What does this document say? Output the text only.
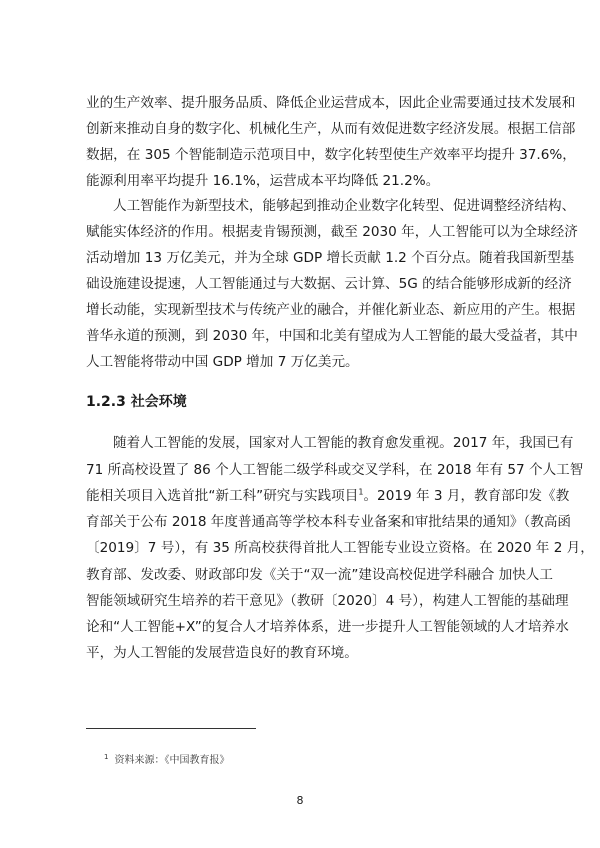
业的生产效率、提升服务品质、降低企业运营成本，因此企业需要通过技术发展和
创新来推动自身的数字化、机械化生产，从而有效促进数字经济发展。根据工信部
数据，在 305 个智能制造示范项目中，数字化转型使生产效率平均提升 37.6%，
能源利用率平均提升 16.1%，运营成本平均降低 21.2%。
人工智能作为新型技术，能够起到推动企业数字化转型、促进调整经济结构、
赋能实体经济的作用。根据麦肯锡预测，截至 2030 年，人工智能可以为全球经济
活动增加 13 万亿美元，并为全球 GDP 增长贡献 1.2 个百分点。随着我国新型基
础设施建设提速，人工智能通过与大数据、云计算、5G 的结合能够形成新的经济
增长动能，实现新型技术与传统产业的融合，并催化新业态、新应用的产生。根据
普华永道的预测，到 2030 年，中国和北美有望成为人工智能的最大受益者，其中
人工智能将带动中国 GDP 增加 7 万亿美元。
1.2.3 社会环境
随着人工智能的发展，国家对人工智能的教育愈发重视。2017 年，我国已有
71 所高校设置了 86 个人工智能二级学科或交叉学科，在 2018 年有 57 个人工智
能相关项目入选首批“新工科”研究与实践项目$^1$。2019 年 3 月，教育部印发《教
育部关于公布 2018 年度普通高等学校本科专业备案和审批结果的通知》（教高函
〔2019〕7 号），有 35 所高校获得首批人工智能专业设立资格。在 2020 年 2 月，
教育部、发改委、财政部印发《关于“双一流”建设高校促进学科融合 加快人工
智能领域研究生培养的若干意见》（教研〔2020〕4 号），构建人工智能的基础理
论和“人工智能+X”的复合人才培养体系，进一步提升人工智能领域的人才培养水
平，为人工智能的发展营造良好的教育环境。
$^1$ 资料来源：《中国教育报》
8
